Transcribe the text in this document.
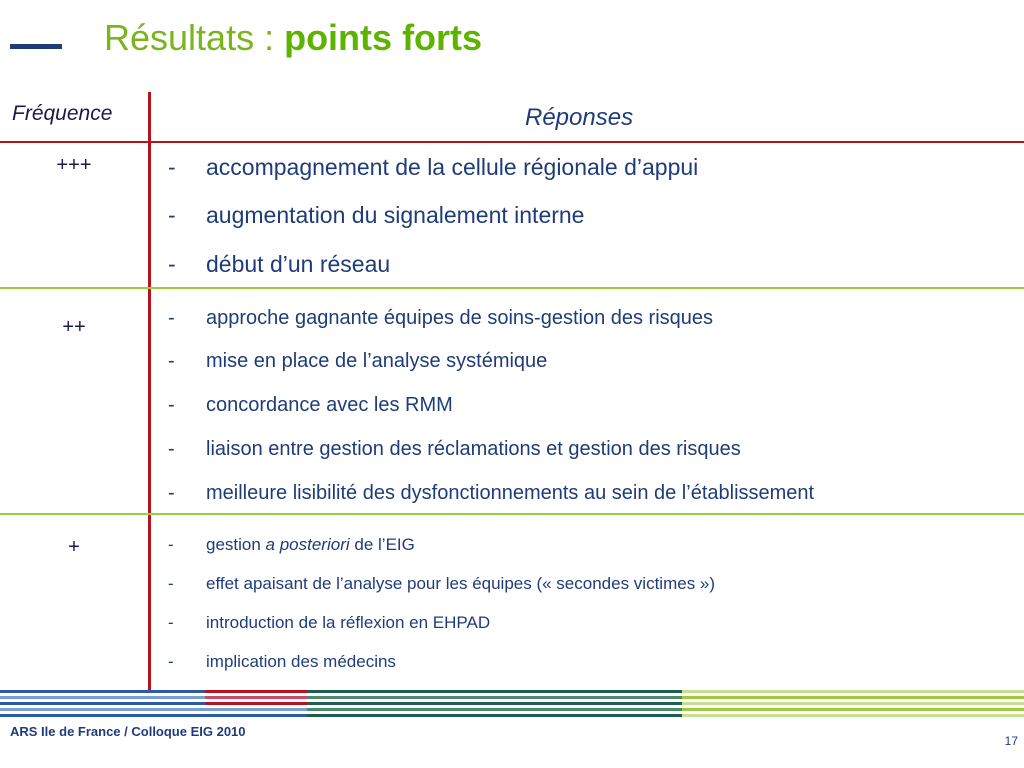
Résultats : points forts
Fréquence	Réponses
+++	- accompagnement de la cellule régionale d’appui
- augmentation du signalement interne
- début d’un réseau
++	- approche gagnante équipes de soins-gestion des risques
- mise en place de l’analyse systémique
- concordance avec les RMM
- liaison entre gestion des réclamations et gestion des risques
- meilleure lisibilité des dysfonctionnements au sein de l’établissement
+	- gestion a posteriori de l’EIG
- effet apaisant de l’analyse pour les équipes (« secondes victimes »)
- introduction de la réflexion en EHPAD
- implication des médecins
ARS Ile de France / Colloque EIG 2010
17
